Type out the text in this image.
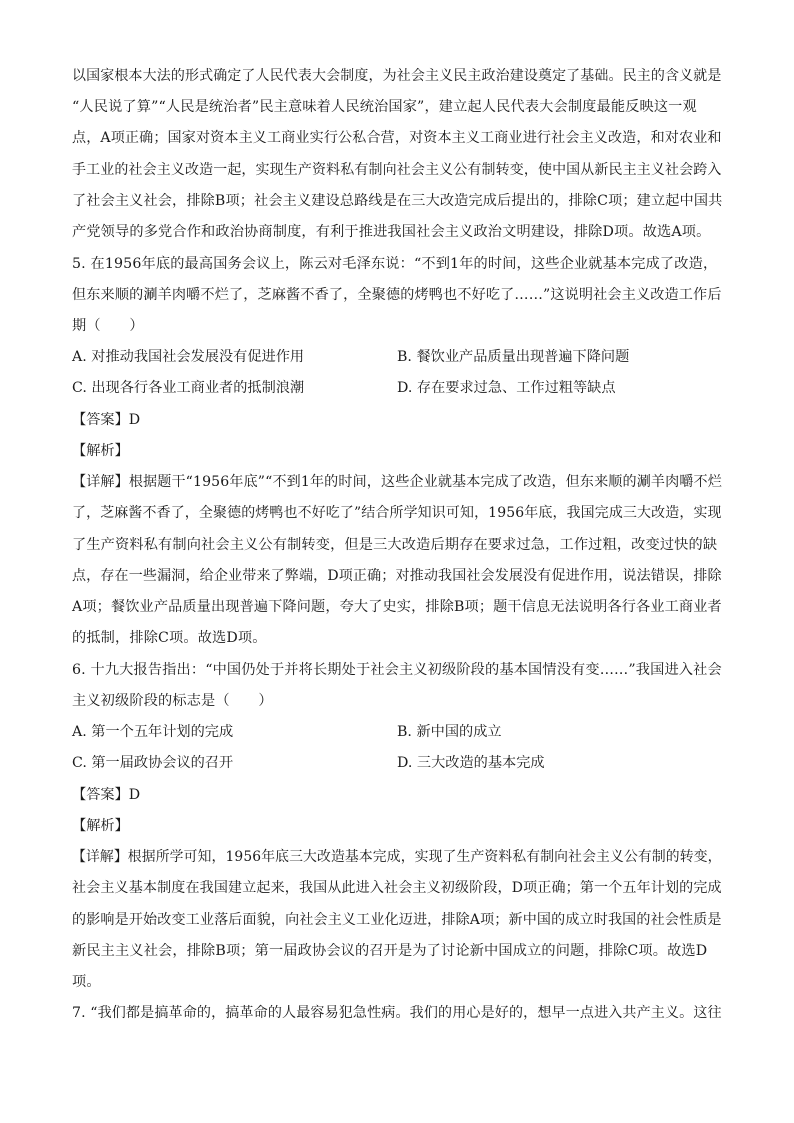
以国家根本大法的形式确定了人民代表大会制度，为社会主义民主政治建设奠定了基础。民主的含义就是
“人民说了算”“人民是统治者”民主意味着人民统治国家”，建立起人民代表大会制度最能反映这一观
点，A项正确；国家对资本主义工商业实行公私合营，对资本主义工商业进行社会主义改造，和对农业和
手工业的社会主义改造一起，实现生产资料私有制向社会主义公有制转变，使中国从新民主主义社会跨入
了社会主义社会，排除B项；社会主义建设总路线是在三大改造完成后提出的，排除C项；建立起中国共
产党领导的多党合作和政治协商制度，有利于推进我国社会主义政治文明建设，排除D项。故选A项。
5. 在1956年底的最高国务会议上，陈云对毛泽东说：“不到1年的时间，这些企业就基本完成了改造，
但东来顺的涮羊肉嚼不烂了，芝麻酱不香了，全聚德的烤鸭也不好吃了……”这说明社会主义改造工作后
期（　　）
A. 对推动我国社会发展没有促进作用	B. 餐饮业产品质量出现普遍下降问题
C. 出现各行各业工商业者的抵制浪潮	D. 存在要求过急、工作过粗等缺点
【答案】D
【解析】
【详解】根据题干“1956年底”“不到1年的时间，这些企业就基本完成了改造，但东来顺的涮羊肉嚼不烂
了，芝麻酱不香了，全聚德的烤鸭也不好吃了”结合所学知识可知，1956年底，我国完成三大改造，实现
了生产资料私有制向社会主义公有制转变，但是三大改造后期存在要求过急，工作过粗，改变过快的缺
点，存在一些漏洞，给企业带来了弊端，D项正确；对推动我国社会发展没有促进作用，说法错误，排除
A项；餐饮业产品质量出现普遍下降问题，夸大了史实，排除B项；题干信息无法说明各行各业工商业者
的抵制，排除C项。故选D项。
6. 十九大报告指出：“中国仍处于并将长期处于社会主义初级阶段的基本国情没有变……”我国进入社会
主义初级阶段的标志是（　　）
A. 第一个五年计划的完成	B. 新中国的成立
C. 第一届政协会议的召开	D. 三大改造的基本完成
【答案】D
【解析】
【详解】根据所学可知，1956年底三大改造基本完成，实现了生产资料私有制向社会主义公有制的转变，
社会主义基本制度在我国建立起来，我国从此进入社会主义初级阶段，D项正确；第一个五年计划的完成
的影响是开始改变工业落后面貌，向社会主义工业化迈进，排除A项；新中国的成立时我国的社会性质是
新民主主义社会，排除B项；第一届政协会议的召开是为了讨论新中国成立的问题，排除C项。故选D
项。
7. “我们都是搞革命的，搞革命的人最容易犯急性病。我们的用心是好的，想早一点进入共产主义。这往
